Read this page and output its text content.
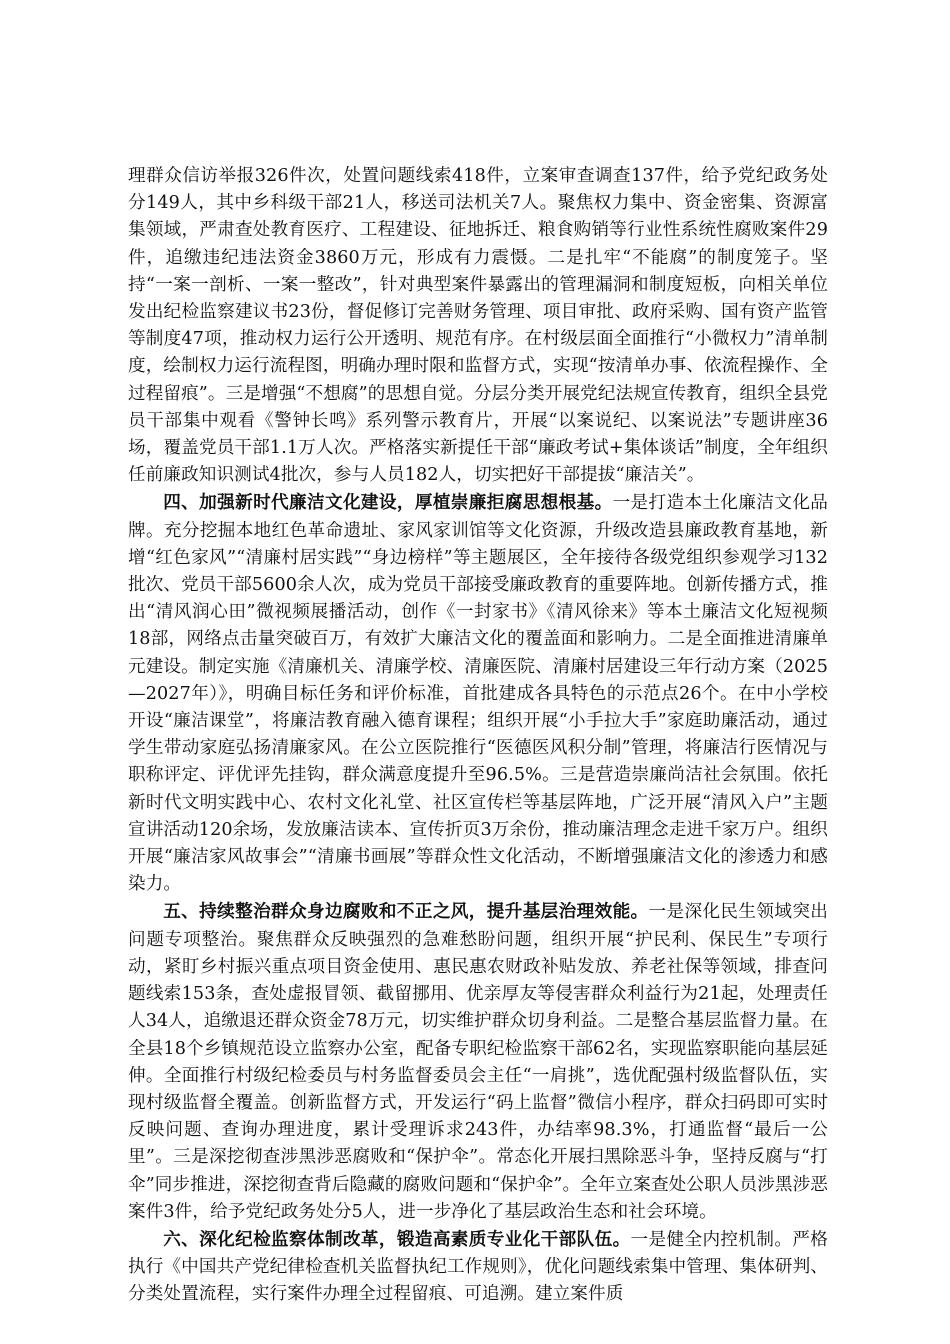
理群众信访举报326件次，处置问题线索418件，立案审查调查137件，给予党纪政务处分149人，其中乡科级干部21人，移送司法机关7人。聚焦权力集中、资金密集、资源富集领域，严肃查处教育医疗、工程建设、征地拆迁、粮食购销等行业性系统性腐败案件29件，追缴违纪违法资金3860万元，形成有力震慑。二是扎牢“不能腐”的制度笼子。坚持“一案一剖析、一案一整改”，针对典型案件暴露出的管理漏洞和制度短板，向相关单位发出纪检监察建议书23份，督促修订完善财务管理、项目审批、政府采购、国有资产监管等制度47项，推动权力运行公开透明、规范有序。在村级层面全面推行“小微权力”清单制度，绘制权力运行流程图，明确办理时限和监督方式，实现“按清单办事、依流程操作、全过程留痕”。三是增强“不想腐”的思想自觉。分层分类开展党纪法规宣传教育，组织全县党员干部集中观看《警钟长鸣》系列警示教育片，开展“以案说纪、以案说法”专题讲座36场，覆盖党员干部1.1万人次。严格落实新提任干部“廉政考试+集体谈话”制度，全年组织任前廉政知识测试4批次，参与人员182人，切实把好干部提拔“廉洁关”。

四、加强新时代廉洁文化建设，厚植崇廉拒腐思想根基。一是打造本土化廉洁文化品牌。充分挖掘本地红色革命遗址、家风家训馆等文化资源，升级改造县廉政教育基地，新增“红色家风”“清廉村居实践”“身边榜样”等主题展区，全年接待各级党组织参观学习132批次、党员干部5600余人次，成为党员干部接受廉政教育的重要阵地。创新传播方式，推出“清风润心田”微视频展播活动，创作《一封家书》《清风徐来》等本土廉洁文化短视频18部，网络点击量突破百万，有效扩大廉洁文化的覆盖面和影响力。二是全面推进清廉单元建设。制定实施《清廉机关、清廉学校、清廉医院、清廉村居建设三年行动方案（2025—2027年）》，明确目标任务和评价标准，首批建成各具特色的示范点26个。在中小学校开设“廉洁课堂”，将廉洁教育融入德育课程；组织开展“小手拉大手”家庭助廉活动，通过学生带动家庭弘扬清廉家风。在公立医院推行“医德医风积分制”管理，将廉洁行医情况与职称评定、评优评先挂钩，群众满意度提升至96.5%。三是营造崇廉尚洁社会氛围。依托新时代文明实践中心、农村文化礼堂、社区宣传栏等基层阵地，广泛开展“清风入户”主题宣讲活动120余场，发放廉洁读本、宣传折页3万余份，推动廉洁理念走进千家万户。组织开展“廉洁家风故事会”“清廉书画展”等群众性文化活动，不断增强廉洁文化的渗透力和感染力。

五、持续整治群众身边腐败和不正之风，提升基层治理效能。一是深化民生领域突出问题专项整治。聚焦群众反映强烈的急难愁盼问题，组织开展“护民利、保民生”专项行动，紧盯乡村振兴重点项目资金使用、惠民惠农财政补贴发放、养老社保等领域，排查问题线索153条，查处虚报冒领、截留挪用、优亲厚友等侵害群众利益行为21起，处理责任人34人，追缴退还群众资金78万元，切实维护群众切身利益。二是整合基层监督力量。在全县18个乡镇规范设立监察办公室，配备专职纪检监察干部62名，实现监察职能向基层延伸。全面推行村级纪检委员与村务监督委员会主任“一肩挑”，选优配强村级监督队伍，实现村级监督全覆盖。创新监督方式，开发运行“码上监督”微信小程序，群众扫码即可实时反映问题、查询办理进度，累计受理诉求243件，办结率98.3%，打通监督“最后一公里”。三是深挖彻查涉黑涉恶腐败和“保护伞”。常态化开展扫黑除恶斗争，坚持反腐与“打伞”同步推进，深挖彻查背后隐藏的腐败问题和“保护伞”。全年立案查处公职人员涉黑涉恶案件3件，给予党纪政务处分5人，进一步净化了基层政治生态和社会环境。

六、深化纪检监察体制改革，锻造高素质专业化干部队伍。一是健全内控机制。严格执行《中国共产党纪律检查机关监督执纪工作规则》，优化问题线索集中管理、集体研判、分类处置流程，实行案件办理全过程留痕、可追溯。建立案件质
